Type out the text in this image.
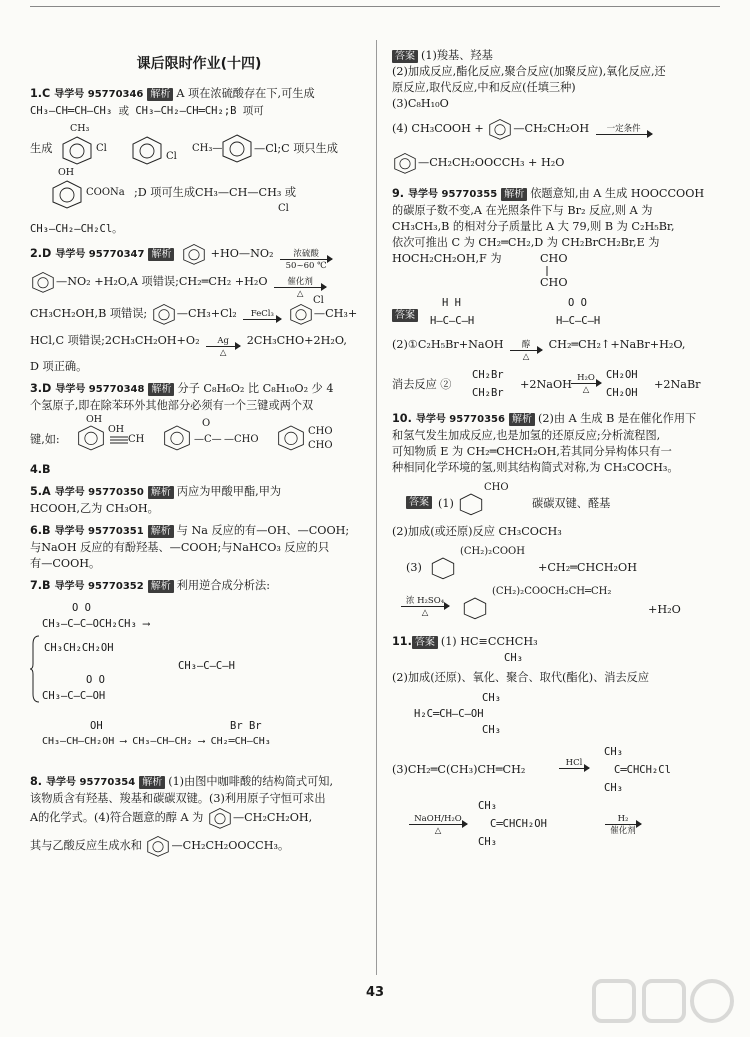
课后限时作业(十四)
1.C 导学号 95770346 解析 A 项在浓硫酸存在下,可生成
CH₃—CH═CH—CH₃ 或 CH₃—CH₂—CH═CH₂;B 项可
生成
CH₃
Cl
Cl
CH₃—	—Cl;C 项只生成
OH
COONa ;D 项可生成CH₃—CH—CH₃ 或
Cl
CH₃—CH₂—CH₂Cl。
2.D 导学号 95770347 解析	+HO—NO₂ 浓硫酸
50~60 ℃
—NO₂ +H₂O,A 项错误;CH₂═CH₂ +H₂O 催化剂
△
CH₃CH₂OH,B 项错误;	—CH₃+Cl₂ FeCl₃
Cl
—CH₃+
HCl,C 项错误;2CH₃CH₂OH+O₂ Ag
△
2CH₃CHO+2H₂O,
D 项正确。
3.D 导学号 95770348 解析 分子 C₈H₆O₂ 比 C₈H₁₀O₂ 少 4
个氢原子,即在除苯环外其他部分必须有一个三键或两个双
键,如:
OH
OH
CH	—C—
O
—CHO
CHO
CHO
4.B
5.A 导学号 95770350 解析 丙应为甲酸甲酯,甲为
HCOOH,乙为 CH₃OH。
6.B 导学号 95770351 解析 与 Na 反应的有—OH、—COOH;
与NaOH 反应的有酚羟基、—COOH;与NaHCO₃ 反应的只
有—COOH。
7.B 导学号 95770352 解析 利用逆合成分析法:
O O
CH₃—C—C—OCH₂CH₃ ⟶
CH₃CH₂CH₂OH
CH₃—C—C—H
O O
CH₃—C—C—OH
OH	Br Br
CH₃—CH—CH₂OH ⟶ CH₃—CH—CH₂ ⟶ CH₂═CH—CH₃
8. 导学号 95770354 解析 (1)由图中咖啡酸的结构简式可知,
该物质含有羟基、羧基和碳碳双键。(3)利用原子守恒可求出
A的化学式。(4)符合题意的醇 A 为	—CH₂CH₂OH,
其与乙酸反应生成水和	—CH₂CH₂OOCCH₃。
答案 (1)羧基、羟基
(2)加成反应,酯化反应,聚合反应(加聚反应),氧化反应,还
原反应,取代反应,中和反应(任填三种)
(3)C₈H₁₀O
(4) CH₃COOH +	—CH₂CH₂OH 一定条件
—CH₂CH₂OOCCH₃ + H₂O
9. 导学号 95770355 解析 依题意知,由 A 生成 HOOCCOOH
的碳原子数不变,A 在光照条件下与 Br₂ 反应,则 A 为
CH₃CH₃,B 的相对分子质量比 A 大 79,则 B 为 C₂H₅Br,
依次可推出 C 为 CH₂═CH₂,D 为 CH₂BrCH₂Br,E 为
HOCH₂CH₂OH,F 为	CHO
CHO
答案
H H
H—C—C—H
O O
H—C—C—H
(2)①C₂H₅Br+NaOH 醇
△
CH₂═CH₂↑+NaBr+H₂O,
消去反应 ②
CH₂Br
CH₂Br
+2NaOH H₂O
△
CH₂OH
CH₂OH
+2NaBr
10. 导学号 95770356 解析 (2)由 A 生成 B 是在催化作用下
和氢气发生加成反应,也是加氢的还原反应;分析流程图,
可知物质 E 为 CH₂═CHCH₂OH,若其同分异构体只有一
种相同化学环境的氢,则其结构简式对称,为 CH₃COCH₃。
答案 (1)
CHO
碳碳双键、醛基
(2)加成(或还原)反应 CH₃COCH₃
(3)
(CH₂)₂COOH
+CH₂═CHCH₂OH
浓 H₂SO₄
△
(CH₂)₂COOCH₂CH═CH₂
+H₂O
11. 答案 (1) HC≡CCHCH₃
CH₃
(2)加成(还原)、氧化、聚合、取代(酯化)、消去反应
CH₃
H₂C═CH—C—OH
CH₃
(3)CH₂═C(CH₃)CH═CH₂	HCl
CH₃
C═CHCH₂Cl
CH₃
NaOH/H₂O
△
CH₃
C═CHCH₂OH
CH₃
H₂
催化剂
43
